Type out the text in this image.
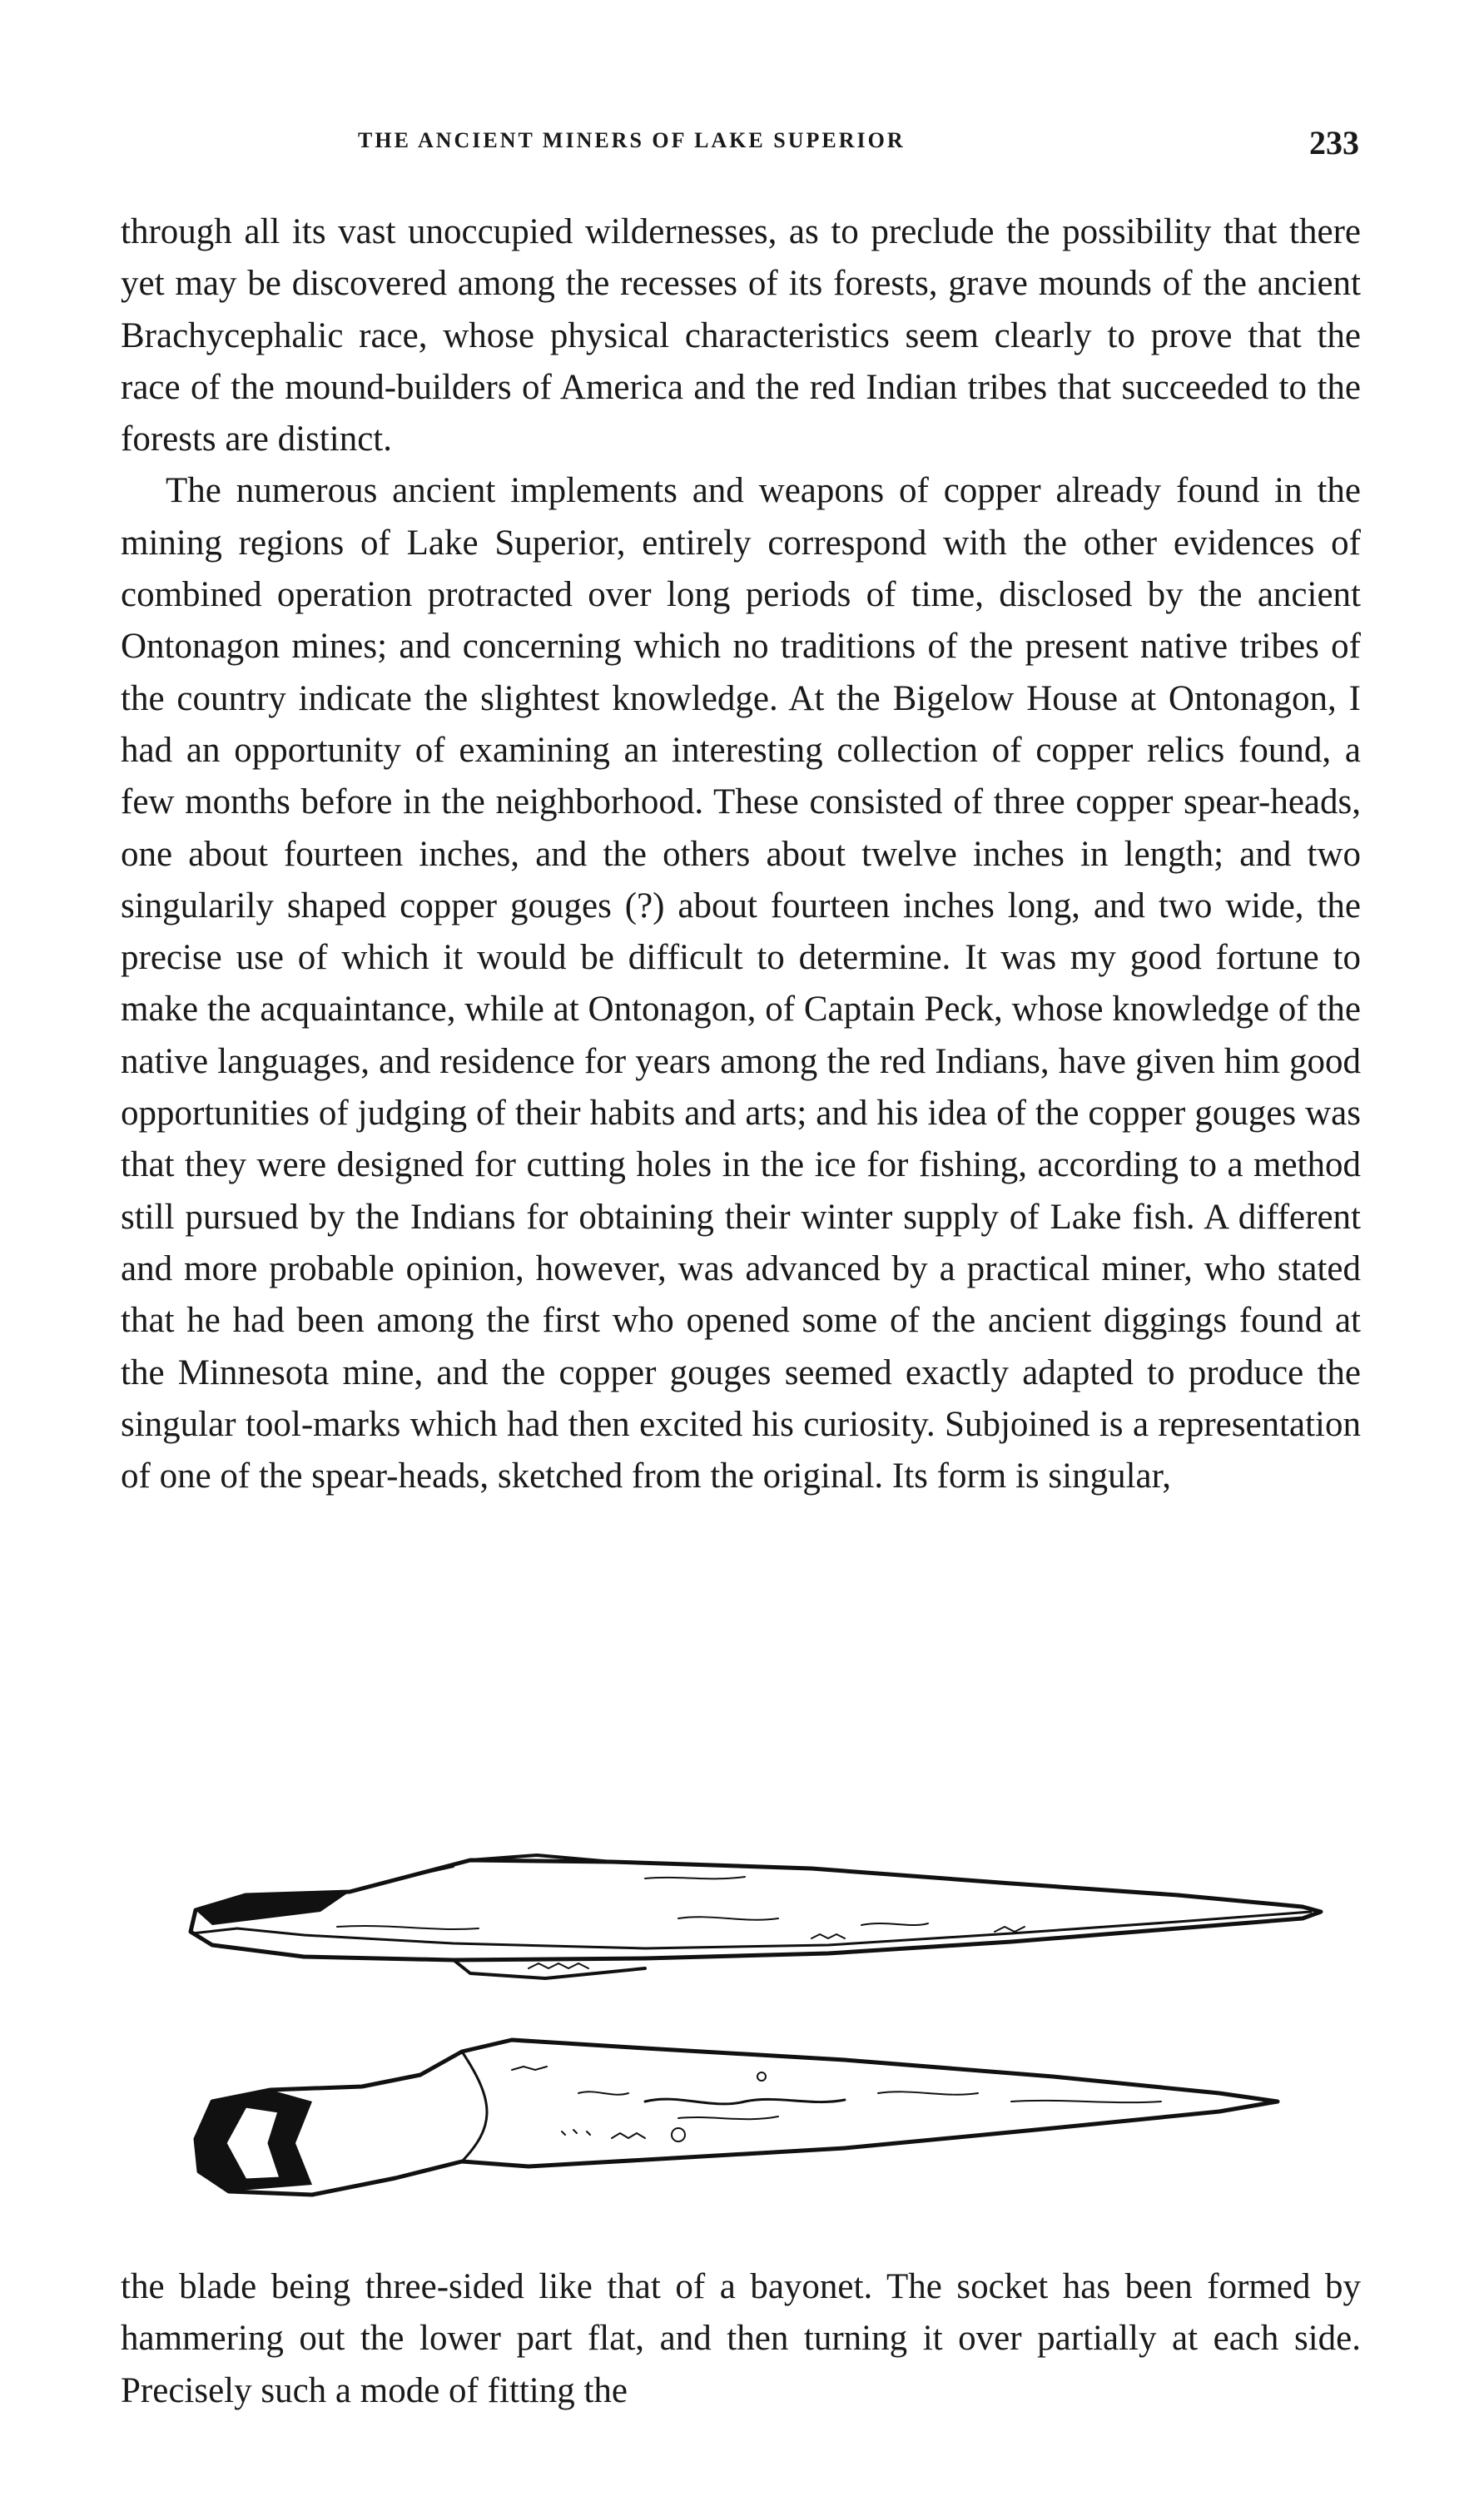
THE ANCIENT MINERS OF LAKE SUPERIOR	233

through all its vast unoccupied wildernesses, as to preclude the possibility that there yet may be discovered among the recesses of its forests, grave mounds of the ancient Brachycephalic race, whose physical characteristics seem clearly to prove that the race of the mound-builders of America and the red Indian tribes that succeeded to the forests are distinct.

The numerous ancient implements and weapons of copper already found in the mining regions of Lake Superior, entirely correspond with the other evidences of combined operation protracted over long periods of time, disclosed by the ancient Ontonagon mines; and concerning which no traditions of the present native tribes of the country indicate the slightest knowledge. At the Bigelow House at Ontonagon, I had an opportunity of examining an interesting collection of copper relics found, a few months before in the neighborhood. These consisted of three copper spear-heads, one about fourteen inches, and the others about twelve inches in length; and two singularily shaped copper gouges (?) about fourteen inches long, and two wide, the precise use of which it would be difficult to determine. It was my good fortune to make the acquaintance, while at Ontonagon, of Captain Peck, whose knowledge of the native languages, and residence for years among the red Indians, have given him good opportunities of judging of their habits and arts; and his idea of the copper gouges was that they were designed for cutting holes in the ice for fishing, according to a method still pursued by the Indians for obtaining their winter supply of Lake fish. A different and more probable opinion, however, was advanced by a practical miner, who stated that he had been among the first who opened some of the ancient diggings found at the Minnesota mine, and the copper gouges seemed exactly adapted to produce the singular tool-marks which had then excited his curiosity. Subjoined is a representation of one of the spear-heads, sketched from the original. Its form is singular,

the blade being three-sided like that of a bayonet. The socket has been formed by hammering out the lower part flat, and then turning it over partially at each side. Precisely such a mode of fitting the
